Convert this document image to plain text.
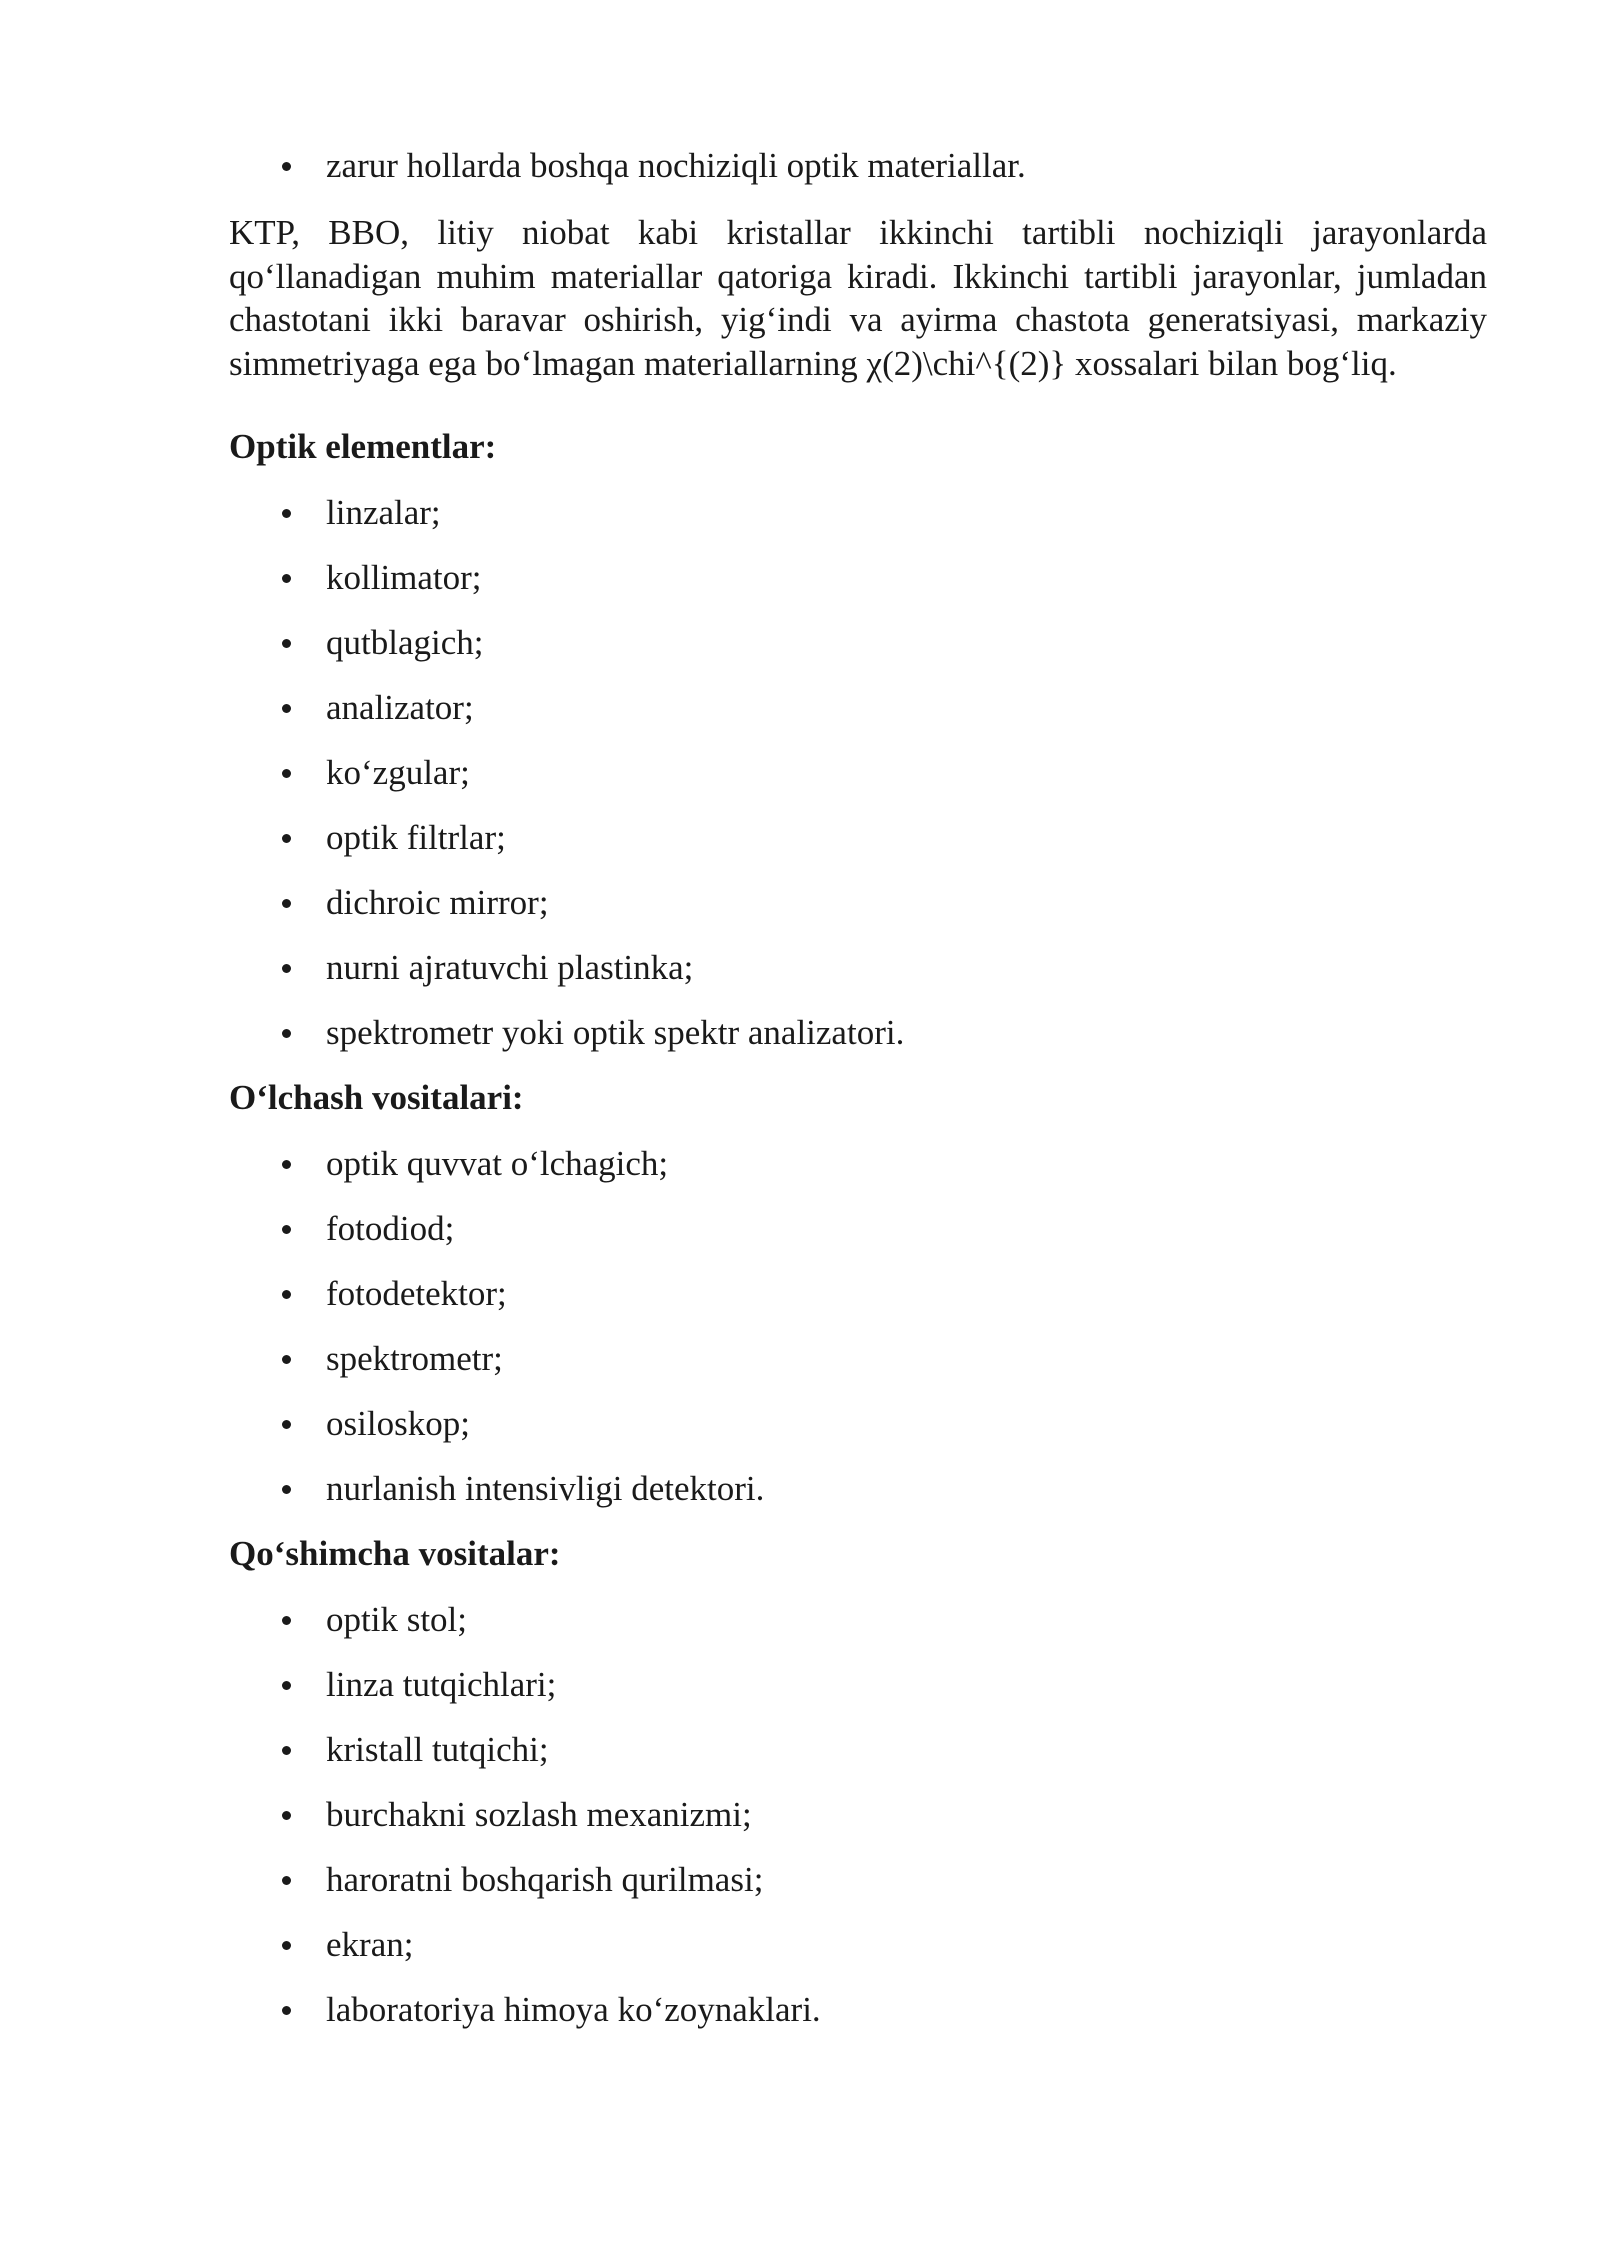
zarur hollarda boshqa nochiziqli optik materiallar.

KTP, BBO, litiy niobat kabi kristallar ikkinchi tartibli nochiziqli jarayonlarda qo‘llanadigan muhim materiallar qatoriga kiradi. Ikkinchi tartibli jarayonlar, jumladan chastotani ikki baravar oshirish, yig‘indi va ayirma chastota generatsiyasi, markaziy simmetriyaga ega bo‘lmagan materiallarning χ(2)\chi^{(2)} xossalari bilan bog‘liq.

Optik elementlar:
linzalar;
kollimator;
qutblagich;
analizator;
ko‘zgular;
optik filtrlar;
dichroic mirror;
nurni ajratuvchi plastinka;
spektrometr yoki optik spektr analizatori.
O‘lchash vositalari:
optik quvvat o‘lchagich;
fotodiod;
fotodetektor;
spektrometr;
osiloskop;
nurlanish intensivligi detektori.
Qo‘shimcha vositalar:
optik stol;
linza tutqichlari;
kristall tutqichi;
burchakni sozlash mexanizmi;
haroratni boshqarish qurilmasi;
ekran;
laboratoriya himoya ko‘zoynaklari.
